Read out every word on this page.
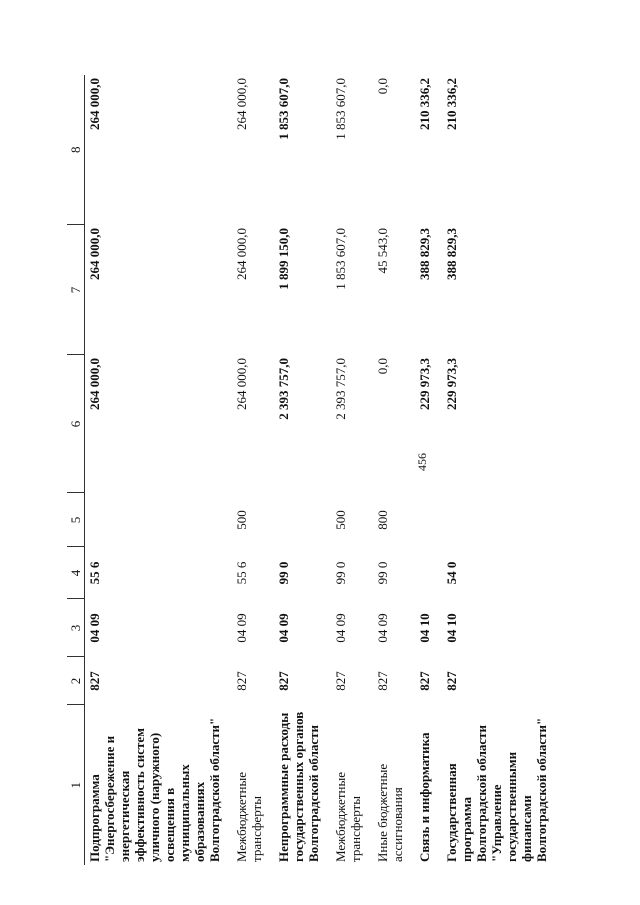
456
1	2	3	4	5	6	7	8
Подпрограмма "Энергосбережение и энергетическая эффективность систем уличного (наружного) освещения в муниципальных образованиях Волгоградской области"	827	04 09	55 6		264 000,0	264 000,0	264 000,0

Межбюджетные трансферты	827	04 09	55 6	500	264 000,0	264 000,0	264 000,0

Непрограммные расходы государственных органов Волгоградской области	827	04 09	99 0		2 393 757,0	1 899 150,0	1 853 607,0

Межбюджетные трансферты	827	04 09	99 0	500	2 393 757,0	1 853 607,0	1 853 607,0

Иные бюджетные ассигнования	827	04 09	99 0	800	0,0	45 543,0	0,0

Связь и информатика	827	04 10			229 973,3	388 829,3	210 336,2

Государственная программа Волгоградской области "Управление государственными финансами Волгоградской области"	827	04 10	54 0		229 973,3	388 829,3	210 336,2
